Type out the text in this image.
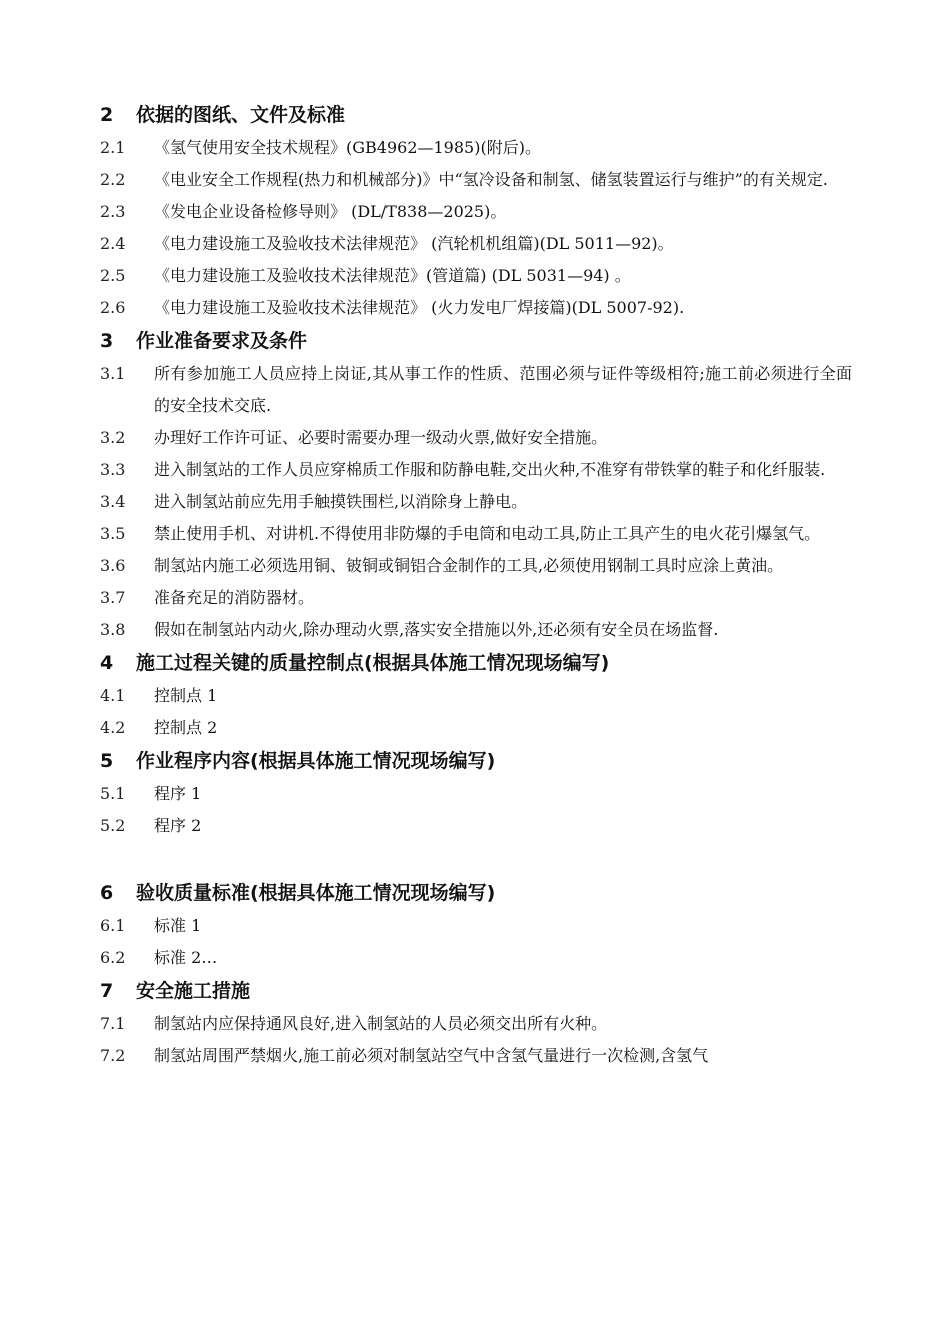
2	依据的图纸、文件及标准
2.1	《氢气使用安全技术规程》(GB4962—1985)(附后)。
2.2	《电业安全工作规程(热力和机械部分)》中“氢冷设备和制氢、储氢装置运行与维护”的有关规定.
2.3	《发电企业设备检修导则》 (DL/T838—2025)。
2.4	《电力建设施工及验收技术法律规范》 (汽轮机机组篇)(DL 5011—92)。
2.5	《电力建设施工及验收技术法律规范》(管道篇) (DL 5031—94) 。
2.6	《电力建设施工及验收技术法律规范》 (火力发电厂焊接篇)(DL 5007-92).
3	作业准备要求及条件
3.1	所有参加施工人员应持上岗证,其从事工作的性质、范围必须与证件等级相符;施工前必须进行全面的安全技术交底.
3.2	办理好工作许可证、必要时需要办理一级动火票,做好安全措施。
3.3	进入制氢站的工作人员应穿棉质工作服和防静电鞋,交出火种,不准穿有带铁掌的鞋子和化纤服装.
3.4	进入制氢站前应先用手触摸铁围栏,以消除身上静电。
3.5	禁止使用手机、对讲机.不得使用非防爆的手电筒和电动工具,防止工具产生的电火花引爆氢气。
3.6	制氢站内施工必须选用铜、铍铜或铜铝合金制作的工具,必须使用钢制工具时应涂上黄油。
3.7	准备充足的消防器材。
3.8	假如在制氢站内动火,除办理动火票,落实安全措施以外,还必须有安全员在场监督.
4	施工过程关键的质量控制点(根据具体施工情况现场编写)
4.1	控制点 1
4.2	控制点 2
5	作业程序内容(根据具体施工情况现场编写)
5.1	程序 1
5.2	程序 2
6	验收质量标准(根据具体施工情况现场编写)
6.1	标准 1
6.2	标准 2…
7	安全施工措施
7.1	制氢站内应保持通风良好,进入制氢站的人员必须交出所有火种。
7.2	制氢站周围严禁烟火,施工前必须对制氢站空气中含氢气量进行一次检测,含氢气
